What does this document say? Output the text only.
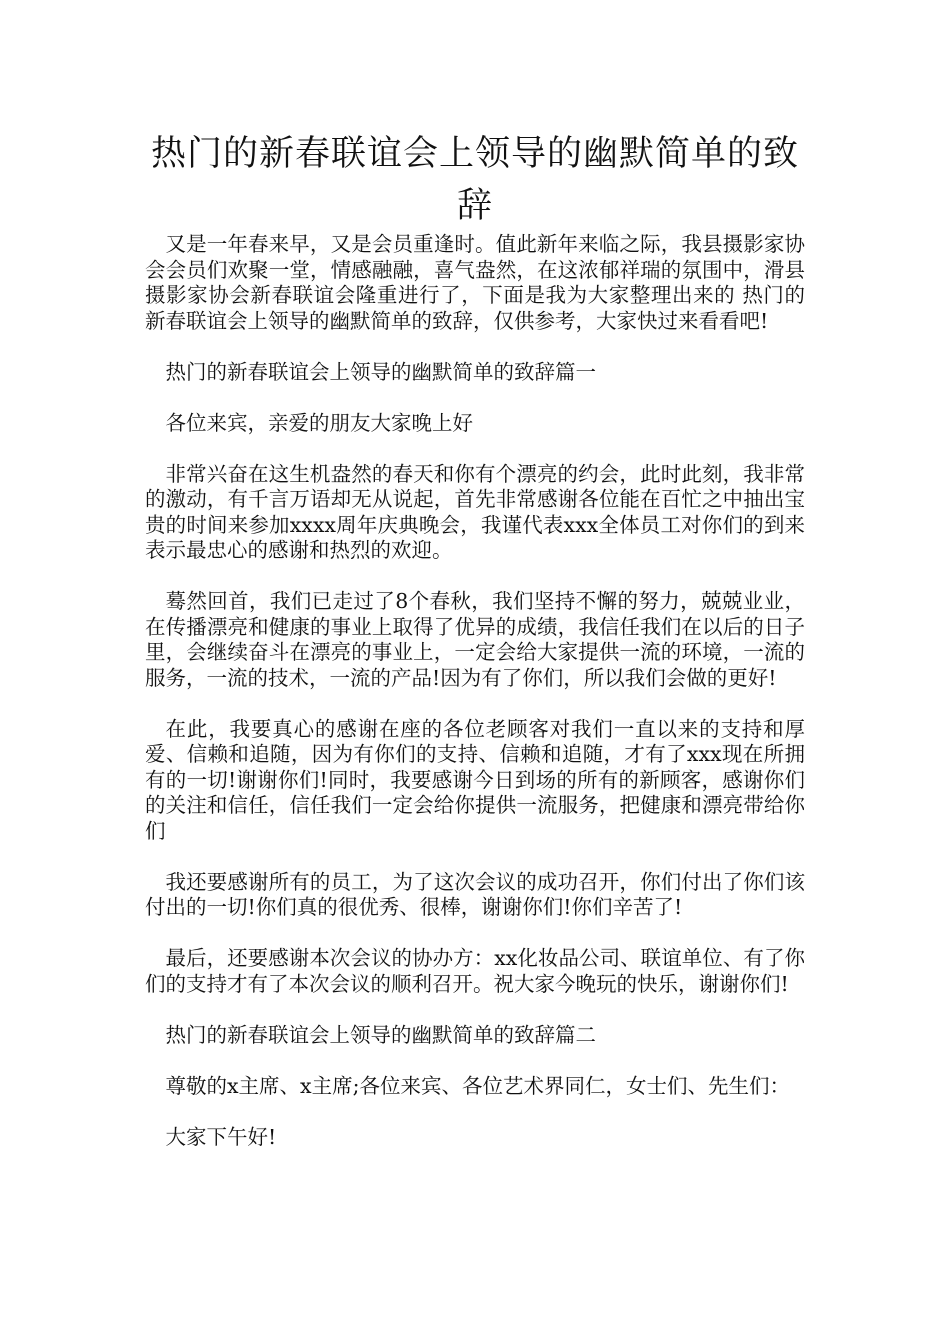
热门的新春联谊会上领导的幽默简单的致辞

又是一年春来早，又是会员重逢时。值此新年来临之际，我县摄影家协会会员们欢聚一堂，情感融融，喜气盎然，在这浓郁祥瑞的氛围中，滑县摄影家协会新春联谊会隆重进行了，下面是我为大家整理出来的 热门的新春联谊会上领导的幽默简单的致辞，仅供参考，大家快过来看看吧!

热门的新春联谊会上领导的幽默简单的致辞篇一

各位来宾，亲爱的朋友大家晚上好

非常兴奋在这生机盎然的春天和你有个漂亮的约会，此时此刻，我非常的激动，有千言万语却无从说起，首先非常感谢各位能在百忙之中抽出宝贵的时间来参加xxxx周年庆典晚会，我谨代表xxx全体员工对你们的到来表示最忠心的感谢和热烈的欢迎。

蓦然回首，我们已走过了8个春秋，我们坚持不懈的努力，兢兢业业，在传播漂亮和健康的事业上取得了优异的成绩，我信任我们在以后的日子里，会继续奋斗在漂亮的事业上，一定会给大家提供一流的环境，一流的服务，一流的技术，一流的产品!因为有了你们，所以我们会做的更好!

在此，我要真心的感谢在座的各位老顾客对我们一直以来的支持和厚爱、信赖和追随，因为有你们的支持、信赖和追随，才有了xxx现在所拥有的一切!谢谢你们!同时，我要感谢今日到场的所有的新顾客，感谢你们的关注和信任，信任我们一定会给你提供一流服务，把健康和漂亮带给你们

我还要感谢所有的员工，为了这次会议的成功召开，你们付出了你们该付出的一切!你们真的很优秀、很棒，谢谢你们!你们辛苦了!

最后，还要感谢本次会议的协办方：xx化妆品公司、联谊单位、有了你们的支持才有了本次会议的顺利召开。祝大家今晚玩的快乐，谢谢你们!

热门的新春联谊会上领导的幽默简单的致辞篇二

尊敬的x主席、x主席;各位来宾、各位艺术界同仁，女士们、先生们：

大家下午好!
